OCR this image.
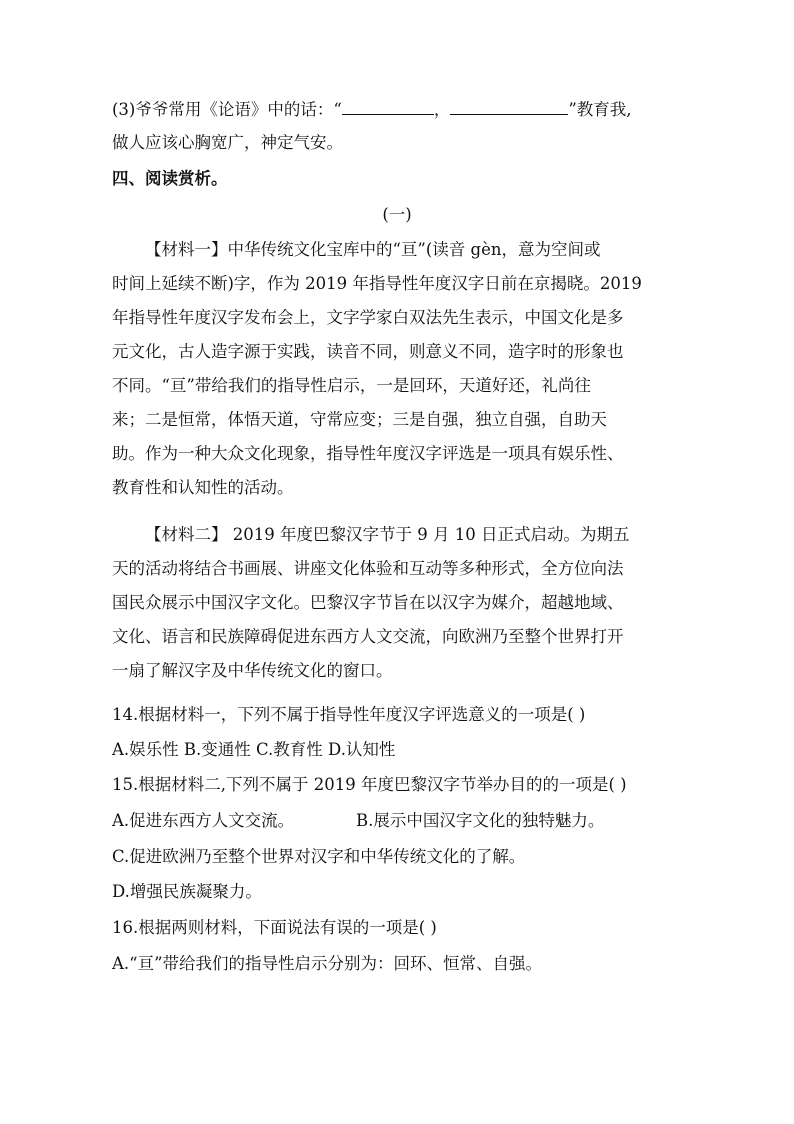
(3)爷爷常用《论语》中的话：“	，	”教育我,
做人应该心胸宽广，神定气安。
四、阅读赏析。
(一)
【材料一】中华传统文化宝库中的“亘”(读音 gèn，意为空间或
时间上延续不断)字，作为 2019 年指导性年度汉字日前在京揭晓。2019
年指导性年度汉字发布会上，文字学家白双法先生表示，中国文化是多
元文化，古人造字源于实践，读音不同，则意义不同，造字时的形象也
不同。“亘”带给我们的指导性启示，一是回环，天道好还，礼尚往
来；二是恒常，体悟天道，守常应变；三是自强，独立自强，自助天
助。作为一种大众文化现象，指导性年度汉字评选是一项具有娱乐性、
教育性和认知性的活动。
【材料二】 2019 年度巴黎汉字节于 9 月 10 日正式启动。为期五
天的活动将结合书画展、讲座文化体验和互动等多种形式，全方位向法
国民众展示中国汉字文化。巴黎汉字节旨在以汉字为媒介，超越地域、
文化、语言和民族障碍促进东西方人文交流，向欧洲乃至整个世界打开
一扇了解汉字及中华传统文化的窗口。
14.根据材料一，下列不属于指导性年度汉字评选意义的一项是( )
A.娱乐性 B.变通性 C.教育性 D.认知性
15.根据材料二,下列不属于 2019 年度巴黎汉字节举办目的的一项是( )
A.促进东西方人文交流。	B.展示中国汉字文化的独特魅力。
C.促进欧洲乃至整个世界对汉字和中华传统文化的了解。
D.增强民族凝聚力。
16.根据两则材料，下面说法有误的一项是( )
A.“亘”带给我们的指导性启示分别为：回环、恒常、自强。
